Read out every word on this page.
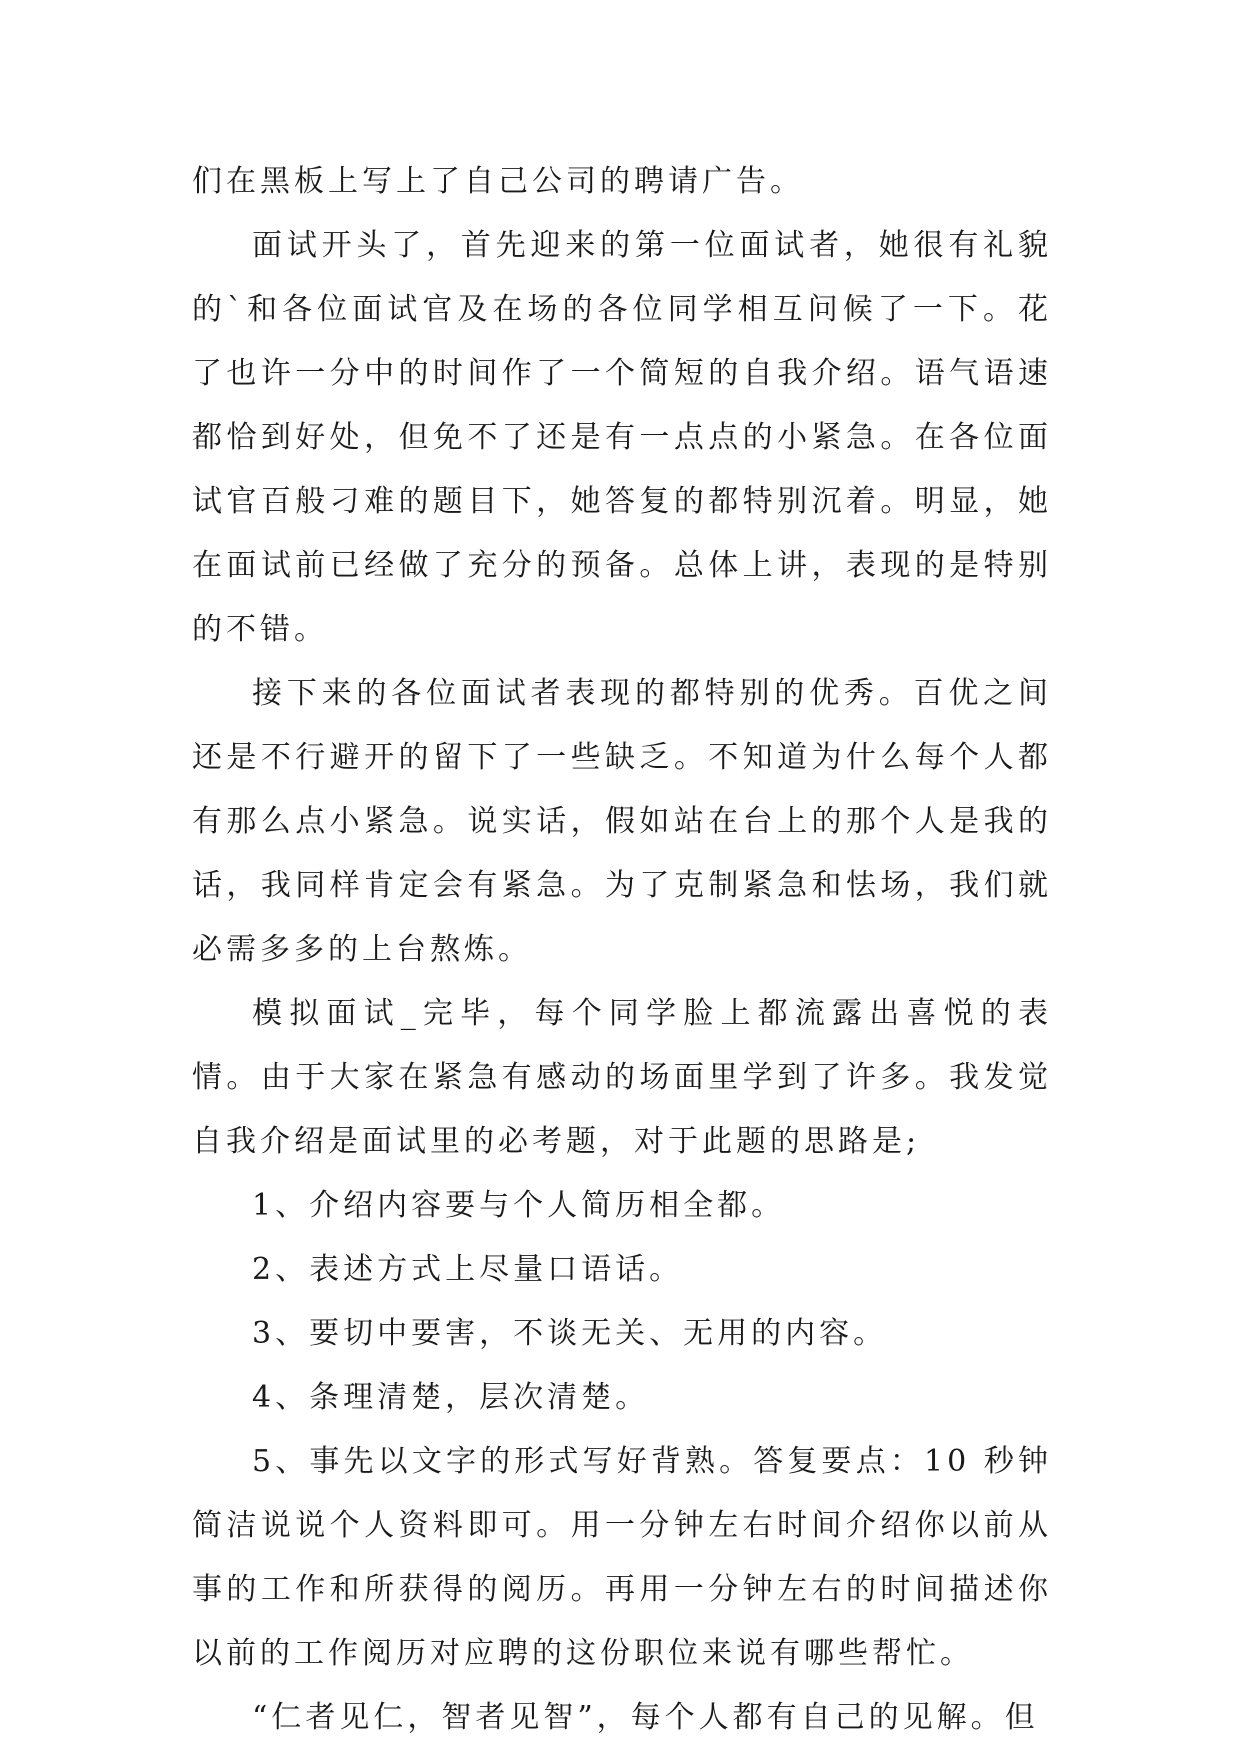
们在黑板上写上了自己公司的聘请广告。

面试开头了，首先迎来的第一位面试者，她很有礼貌的`和各位面试官及在场的各位同学相互问候了一下。花了也许一分中的时间作了一个简短的自我介绍。语气语速都恰到好处，但免不了还是有一点点的小紧急。在各位面试官百般刁难的题目下，她答复的都特别沉着。明显，她在面试前已经做了充分的预备。总体上讲，表现的是特别的不错。

接下来的各位面试者表现的都特别的优秀。百优之间还是不行避开的留下了一些缺乏。不知道为什么每个人都有那么点小紧急。说实话，假如站在台上的那个人是我的话，我同样肯定会有紧急。为了克制紧急和怯场，我们就必需多多的上台熬炼。

模拟面试_完毕，每个同学脸上都流露出喜悦的表情。由于大家在紧急有感动的场面里学到了许多。我发觉自我介绍是面试里的必考题，对于此题的思路是;

1、介绍内容要与个人简历相全都。

2、表述方式上尽量口语话。

3、要切中要害，不谈无关、无用的内容。

4、条理清楚，层次清楚。

5、事先以文字的形式写好背熟。答复要点：10 秒钟简洁说说个人资料即可。用一分钟左右时间介绍你以前从事的工作和所获得的阅历。再用一分钟左右的时间描述你以前的工作阅历对应聘的这份职位来说有哪些帮忙。

“仁者见仁，智者见智”，每个人都有自己的见解。但
